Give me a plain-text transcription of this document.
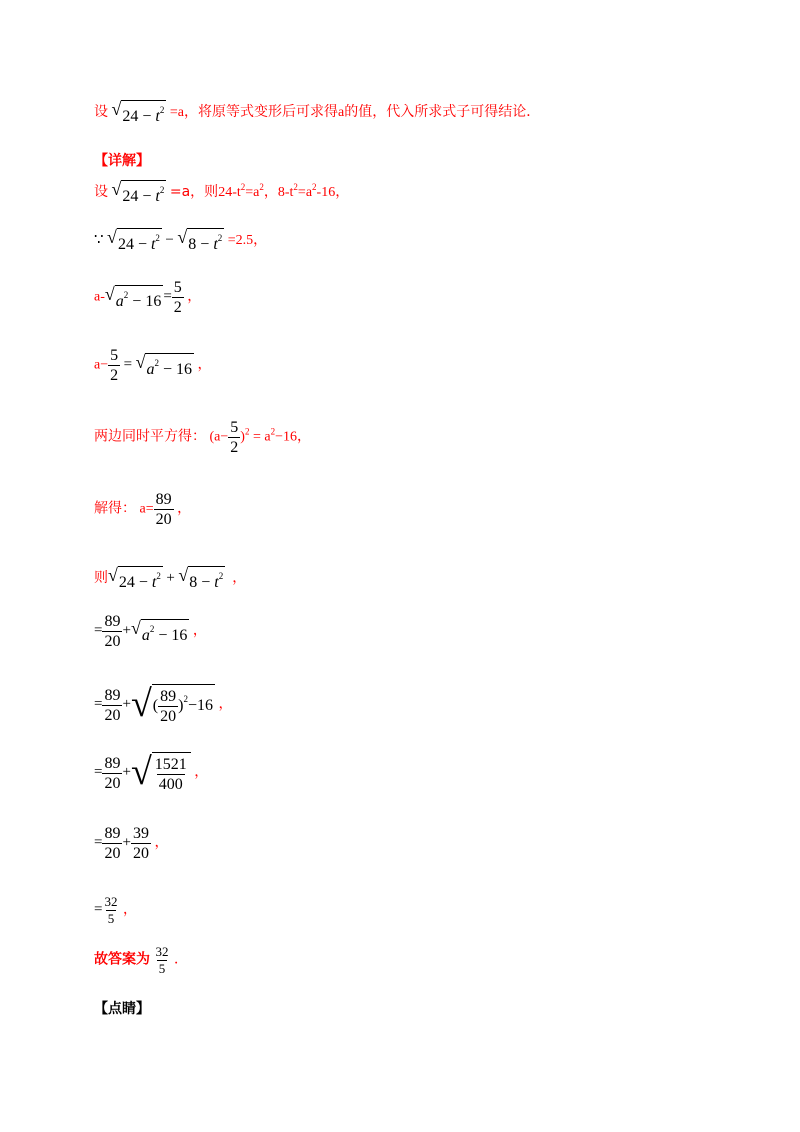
设 √ $24 - t^2 =a$，将原等式变形后可求得a的值，代入所求式子可得结论．
【详解】
设 √ $24 - t^2 =a$，则$24-t^2=a^2$，$8-t^2=a^2-16$，
∵ √ $24 - t^2$ − √ $8 - t^2 =2.5$，
a- √ $a^2 - 16 = \frac{5}{2}$ ，
$a- \frac{5}{2}$ = √ $a^2 - 16$ ，
两边同时平方得： $(a- \frac{5}{2} )^2 = a^2-16$，
解得： $a= \frac{89}{20}$ ，
则 √ $24 - t^2$ + √ $8 - t^2$ ，
= $\frac{89}{20}$ + √ $a^2 - 16$ ，
= $\frac{89}{20}$ + √ ( $\frac{89}{20} )^2-16$ ，
= $\frac{89}{20}$ + √ $\frac{1521}{400}$ ，
= $\frac{89}{20} + \frac{39}{20}$ ，
= $\frac{32}{5}$ ，
故答案为 $\frac{32}{5}$ ．
【点睛】
